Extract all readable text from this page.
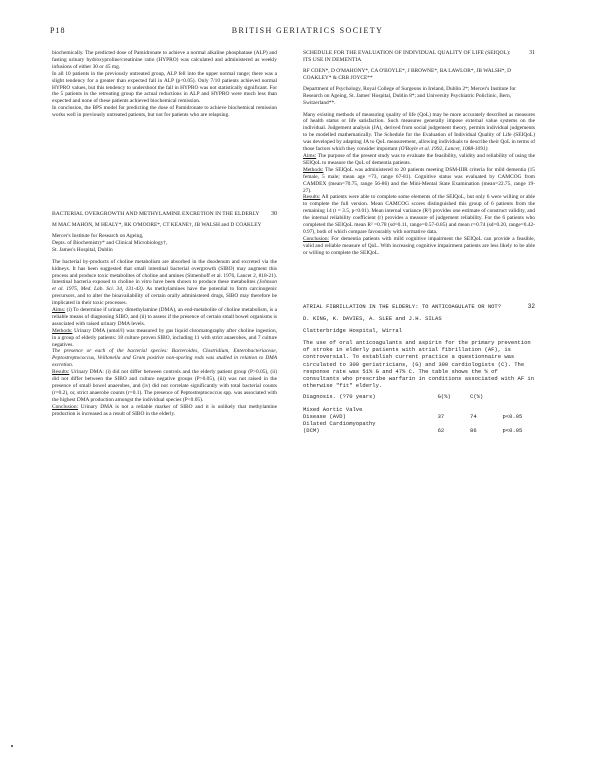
P18	BRITISH GERIATRICS SOCIETY

biochemically. The predicted dose of Pamidronate to achieve a normal alkaline phosphatase (ALP) and fasting urinary hydroxyproline/creatinine ratio (HYPRO) was calculated and administered as weekly infusions of either 30 or 45 mg.

In all 10 patients in the previously untreated group, ALP fell into the upper normal range; there was a slight tendency for a greater than expected fall in ALP (p<0.05). Only 7/10 patients achieved normal HYPRO values, but this tendency to undershoot the fall in HYPRO was not statistically significant. For the 5 patients in the retreating group the actual reductions in ALP and HYPRO were much less than expected and none of these patients achieved biochemical remission.

In conclusion, the BPS model for predicting the dose of Pamidronate to achieve biochemical remission works well in previously untreated patients, but not for patients who are relapsing.

BACTERIAL OVERGROWTH AND METHYLAMINE EXCRETION IN THE ELDERLY	30

M MAC MAHON, M HEALY*, RK O'MOORE*, CT KEANE†, JB WALSH and D COAKLEY

Mercer's Institute for Research on Ageing,
Depts. of Biochemistry* and Clinical Microbiology†,
St. James's Hospital, Dublin

The bacterial by-products of choline metabolism are absorbed in the duodenum and excreted via the kidneys. It has been suggested that small intestinal bacterial overgrowth (SIBO) may augment this process and produce toxic metabolites of choline and amines (Simenhoff et al. 1976, Lancet 2, 818-21). Intestinal bacteria exposed to choline in vitro have been shown to produce these metabolites (Johnson et al. 1975, Med. Lab. Sci. 34, 131-43). As methylamines have the potential to form carcinogenic precursors, and to alter the bioavailability of certain orally administered drugs, SIBO may therefore be implicated in their toxic processes.

Aims: (i) To determine if urinary dimethylamine (DMA), an end-metabolite of choline metabolism, is a reliable means of diagnosing SIBO, and (ii) to assess if the presence of certain small bowel organisms is associated with raised urinary DMA levels.

Methods: Urinary DMA (umol/l) was measured by gas liquid chromatography after choline ingestion, in a group of elderly patients: 18 culture proven SIBO, including 11 with strict anaerobes, and 7 culture negatives.

The presence or each of the bacterial species: Bacteroides, Clostridium, Enterobacteriaceae, Peptostreptococcus, Veillonella and Gram positive non-sporing rods was studied in relation to DMA excretion.

Results: Urinary DMA: (i) did not differ between controls and the elderly patient group (P>0.05), (ii) did not differ between the SIBO and culture negative groups (P>0.05), (iii) was not raised in the presence of small bowel anaerobes, and (iv) did not correlate significantly with total bacterial counts (r=0.2), or, strict anaerobe counts (r=0.1). The presence of Peptostreptococcus spp. was associated with the highest DMA production amongst the individual species (P<0.05).

Conclusion: Urinary DMA is not a reliable marker of SIBO and it is unlikely that methylamine production is increased as a result of SIBO in the elderly.

SCHEDULE FOR THE EVALUATION OF INDIVIDUAL QUALITY OF LIFE (SEIQOL): ITS USE IN DEMENTIA
31

RF COEN*, D O'MAHONY*, CA O'BOYLE*, J BROWNE*, BA LAWLOR*, JB WALSH*, D COAKLEY* & CRB JOYCE**

Department of Psychology, Royal College of Surgeons in Ireland, Dublin 2*; Mercer's Institute for Research on Ageing, St. James' Hospital, Dublin 8*; and University Psychiatric Policlinic, Bern, Switzerland**.

Many existing methods of measuring quality of life (QoL) may be more accurately described as measures of health status or life satisfaction. Such measures generally impose external value systems on the individual. Judgement analysis (JA), derived from social judgement theory, permits individual judgements to be modelled mathematically. The Schedule for the Evaluation of Individual Quality of Life (SEIQoL) was developed by adapting JA to QoL measurement, allowing individuals to describe their QoL in terms of those factors which they consider important (O'Boyle et al. 1992, Lancet, 1088-1091).

Aims: The purpose of the present study was to evaluate the feasibility, validity and reliability of using the SEIQoL to measure the QoL of dementia patients.

Methods: The SEIQoL was administered to 20 patients meeting DSM-IIIR criteria for mild dementia (15 female, 5 male; mean age =73, range 67-81). Cognitive status was evaluated by CAMCOG from CAMDEX (mean=70.75, range 56-86) and the Mini-Mental State Examination (mean=22.75, range 19-27).

Results: All patients were able to complete some elements of the SEIQoL, but only 6 were willing or able to complete the full version. Mean CAMCOG scores distinguished this group of 6 patients from the remaining 14 (t = 3.5, p<0.01). Mean internal variance (R²) provides one estimate of construct validity, and the internal reliability coefficient (r) provides a measure of judgement reliability. For the 6 patients who completed the SEIQoL mean R² =0.78 (sd=0.11, range=0.57-0.85) and mean r=0.74 (sd=0.20, range=0.42-0.97), both of which compare favourably with normative data.

Conclusion: For dementia patients with mild cognitive impairment the SEIQoL can provide a feasible, valid and reliable measure of QoL. With increasing cognitive impairment patients are less likely to be able or willing to complete the SEIQoL.

ATRIAL FIBRILLATION IN THE ELDERLY: TO ANTICOAGULATE OR NOT?	32

D. KING, K. DAVIES, A. SLEE and J.H. SILAS

Clatterbridge Hospital, Wirral

The use of oral anticoagulants and aspirin for the primary prevention of stroke in elderly patients with atrial fibrillation (AF), is controversial. To establish current practice a questionnaire was circulated to 300 geriatricians, (G) and 300 cardiologists (C). The response rate was 51% G and 47% C. The table shows the % of consultants who prescribe warfarin in conditions associated with AF in otherwise "fit" elderly.

Diagnosis. (?70 years)	G(%)	C(%)	

Mixed Aortic Valve			
Disease (AVD)	37	74	p<0.05
Dilated Cardiomyopathy			
(DCM)	62	86	p<0.05
